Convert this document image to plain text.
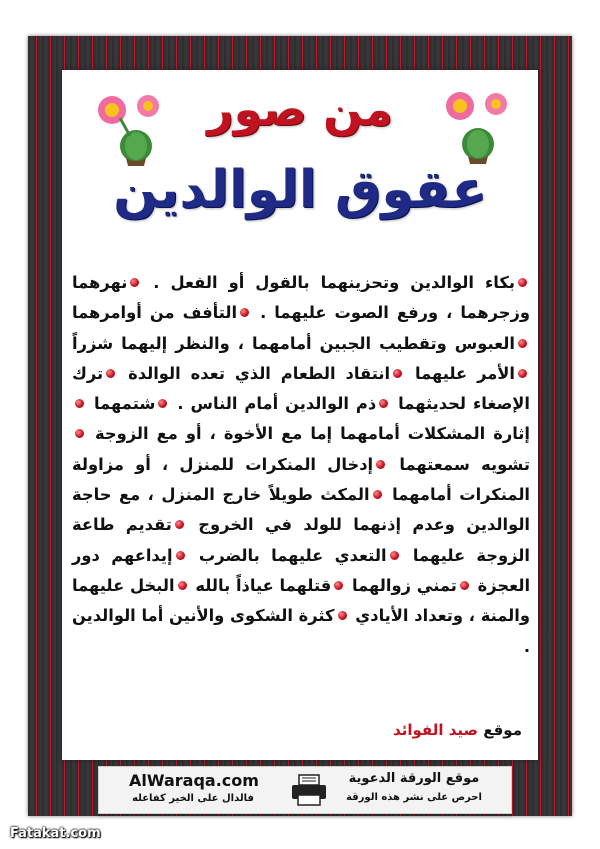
من صور
عقوق الوالدين
بكاء الوالدين وتحزينهما بالقول أو الفعل . نهرهما وزجرهما ، ورفع الصوت عليهما . التأفف من أوامرهما العبوس وتقطيب الجبين أمامهما ، والنظر إليهما شزراً الأمر عليهما انتقاد الطعام الذي تعده الوالدة ترك الإصغاء لحديثهما ذم الوالدين أمام الناس . شتمهما إثارة المشكلات أمامهما إما مع الأخوة ، أو مع الزوجة تشويه سمعتهما إدخال المنكرات للمنزل ، أو مزاولة المنكرات أمامهما المكث طويلاً خارج المنزل ، مع حاجة الوالدين وعدم إذنهما للولد في الخروج تقديم طاعة الزوجة عليهما التعدي عليهما بالضرب إيداعهم دور العجزة تمني زوالهما قتلهما عياذاً بالله البخل عليهما والمنة ، وتعداد الأيادي كثرة الشكوى والأنين أما الوالدين .
موقع صيد الفوائد
AlWaraqa.com
فالدال على الخير كفاعله
موقع الورقة الدعوية
احرص على نشر هذه الورقة
Fatakat.com
